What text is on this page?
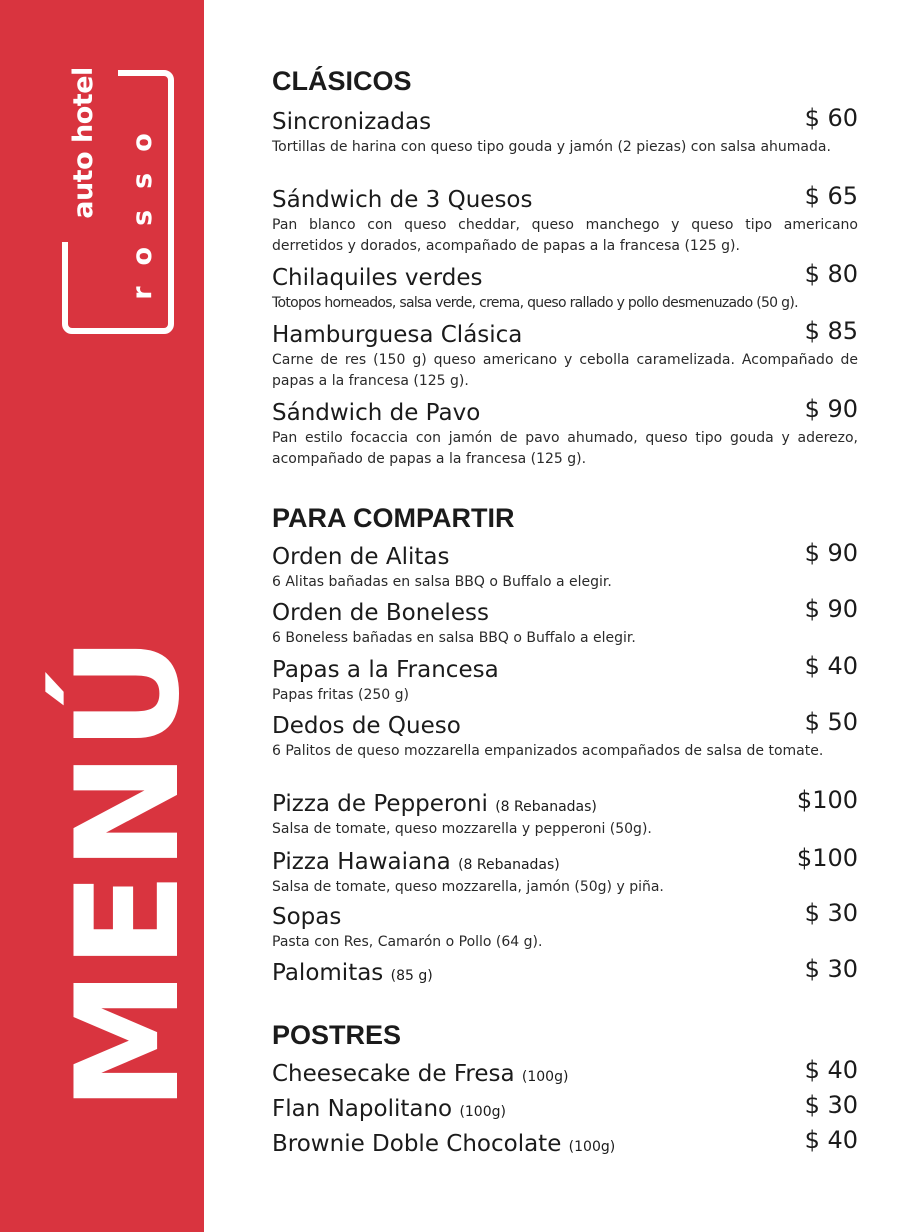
auto hotel rosso
MENÚ
CLÁSICOS
Sincronizadas	$ 60
Tortillas de harina con queso tipo gouda y jamón (2 piezas) con salsa ahumada.
Sándwich de 3 Quesos	$ 65
Pan blanco con queso cheddar, queso manchego y queso tipo americano derretidos y dorados, acompañado de papas a la francesa (125 g).
Chilaquiles verdes	$ 80
Totopos horneados, salsa verde, crema, queso rallado y pollo desmenuzado (50 g).
Hamburguesa Clásica	$ 85
Carne de res (150 g) queso americano y cebolla caramelizada. Acompañado de papas a la francesa (125 g).
Sándwich de Pavo	$ 90
Pan estilo focaccia con jamón de pavo ahumado, queso tipo gouda y aderezo, acompañado de papas a la francesa (125 g).
PARA COMPARTIR
Orden de Alitas	$ 90
6 Alitas bañadas en salsa BBQ o Buffalo a elegir.
Orden de Boneless	$ 90
6 Boneless bañadas en salsa BBQ o Buffalo a elegir.
Papas a la Francesa	$ 40
Papas fritas (250 g)
Dedos de Queso	$ 50
6 Palitos de queso mozzarella empanizados acompañados de salsa de tomate.
Pizza de Pepperoni (8 Rebanadas)	$100
Salsa de tomate, queso mozzarella y pepperoni (50g).
Pizza Hawaiana (8 Rebanadas)	$100
Salsa de tomate, queso mozzarella, jamón (50g) y piña.
Sopas	$ 30
Pasta con Res, Camarón o Pollo (64 g).
Palomitas (85 g)	$ 30
POSTRES
Cheesecake de Fresa (100g)	$ 40
Flan Napolitano (100g)	$ 30
Brownie Doble Chocolate (100g)	$ 40
